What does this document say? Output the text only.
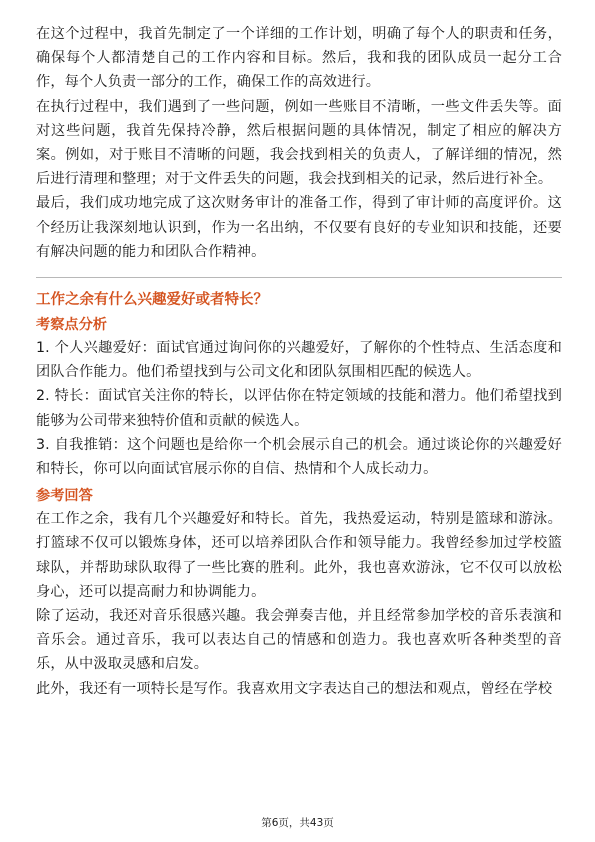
在这个过程中，我首先制定了一个详细的工作计划，明确了每个人的职责和任务，确保每个人都清楚自己的工作内容和目标。然后，我和我的团队成员一起分工合作，每个人负责一部分的工作，确保工作的高效进行。

在执行过程中，我们遇到了一些问题，例如一些账目不清晰，一些文件丢失等。面对这些问题，我首先保持冷静，然后根据问题的具体情况，制定了相应的解决方案。例如，对于账目不清晰的问题，我会找到相关的负责人，了解详细的情况，然后进行清理和整理；对于文件丢失的问题，我会找到相关的记录，然后进行补全。

最后，我们成功地完成了这次财务审计的准备工作，得到了审计师的高度评价。这个经历让我深刻地认识到，作为一名出纳，不仅要有良好的专业知识和技能，还要有解决问题的能力和团队合作精神。

工作之余有什么兴趣爱好或者特长？

考察点分析

1. 个人兴趣爱好：面试官通过询问你的兴趣爱好，了解你的个性特点、生活态度和团队合作能力。他们希望找到与公司文化和团队氛围相匹配的候选人。

2. 特长：面试官关注你的特长，以评估你在特定领域的技能和潜力。他们希望找到能够为公司带来独特价值和贡献的候选人。

3. 自我推销：这个问题也是给你一个机会展示自己的机会。通过谈论你的兴趣爱好和特长，你可以向面试官展示你的自信、热情和个人成长动力。

参考回答

在工作之余，我有几个兴趣爱好和特长。首先，我热爱运动，特别是篮球和游泳。打篮球不仅可以锻炼身体，还可以培养团队合作和领导能力。我曾经参加过学校篮球队，并帮助球队取得了一些比赛的胜利。此外，我也喜欢游泳，它不仅可以放松身心，还可以提高耐力和协调能力。

除了运动，我还对音乐很感兴趣。我会弹奏吉他，并且经常参加学校的音乐表演和音乐会。通过音乐，我可以表达自己的情感和创造力。我也喜欢听各种类型的音乐，从中汲取灵感和启发。

此外，我还有一项特长是写作。我喜欢用文字表达自己的想法和观点，曾经在学校

第6页，共43页
